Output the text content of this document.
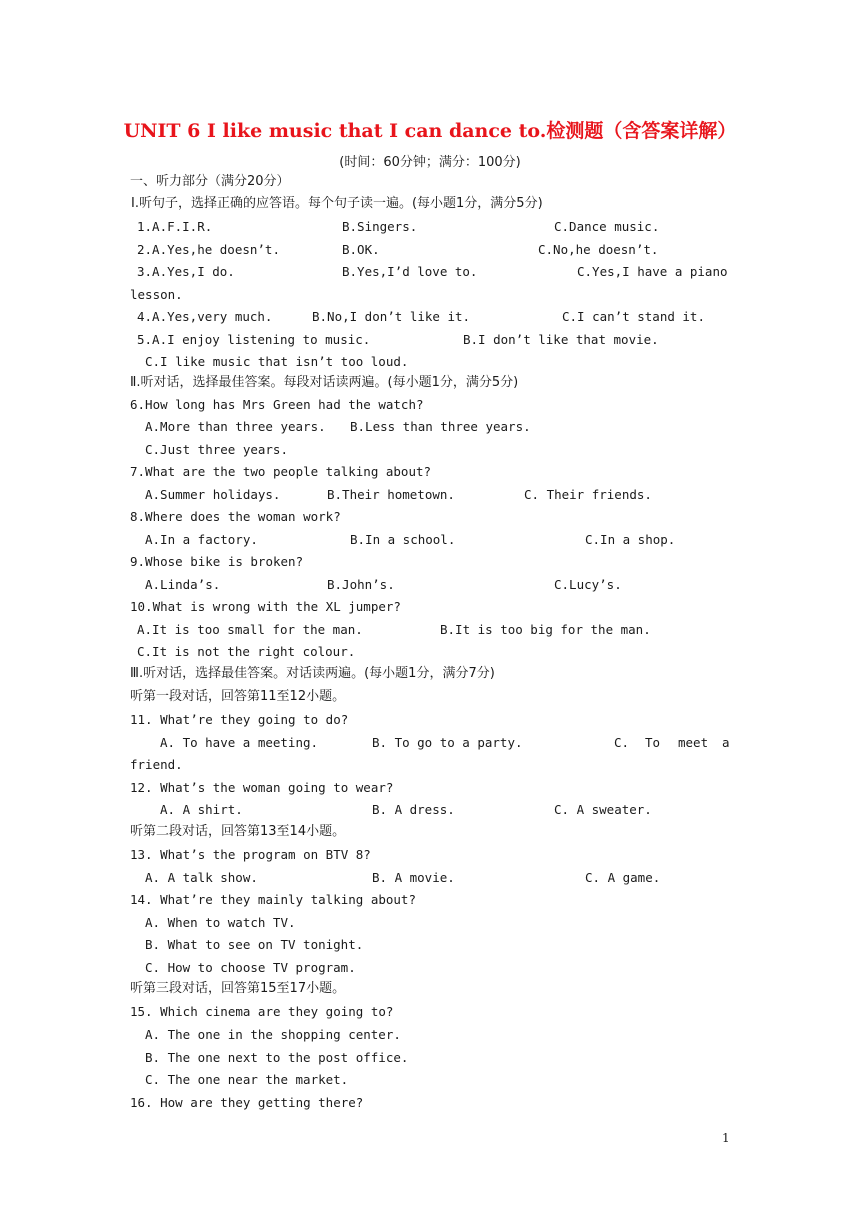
UNIT 6 I like music that I can dance to.检测题（含答案详解）
(时间：60分钟；满分：100分)
一、听力部分（满分20分）
Ⅰ.听句子，选择正确的应答语。每个句子读一遍。(每小题1分，满分5分)
1.A.F.I.R.	B.Singers.	C.Dance music.
2.A.Yes,he doesn’t.	B.OK.	C.No,he doesn’t.
3.A.Yes,I do.	B.Yes,I’d love to.	C.Yes,I have a piano
lesson.
4.A.Yes,very much.	B.No,I don’t like it.	C.I can’t stand it.
5.A.I enjoy listening to music.	B.I don’t like that movie.
C.I like music that isn’t too loud.
Ⅱ.听对话，选择最佳答案。每段对话读两遍。(每小题1分，满分5分)
6.How long has Mrs Green had the watch?
A.More than three years. B.Less than three years.
C.Just three years.
7.What are the two people talking about?
A.Summer holidays.	B.Their hometown.	C. Their friends.
8.Where does the woman work?
A.In a factory.	B.In a school.	C.In a shop.
9.Whose bike is broken?
A.Linda’s.	B.John’s.	C.Lucy’s.
10.What is wrong with the XL jumper?
A.It is too small for the man.	B.It is too big for the man.
C.It is not the right colour.
Ⅲ.听对话，选择最佳答案。对话读两遍。(每小题1分，满分7分)
听第一段对话，回答第11至12小题。
11. What’re they going to do?
A. To have a meeting.	B. To go to a party.	C. To meet a
friend.
12. What’s the woman going to wear?
A. A shirt.	B. A dress.	C. A sweater.
听第二段对话，回答第13至14小题。
13. What’s the program on BTV 8?
A. A talk show.	B. A movie.	C. A game.
14. What’re they mainly talking about?
A. When to watch TV.
B. What to see on TV tonight.
C. How to choose TV program.
听第三段对话，回答第15至17小题。
15. Which cinema are they going to?
A. The one in the shopping center.
B. The one next to the post office.
C. The one near the market.
16. How are they getting there?
1
